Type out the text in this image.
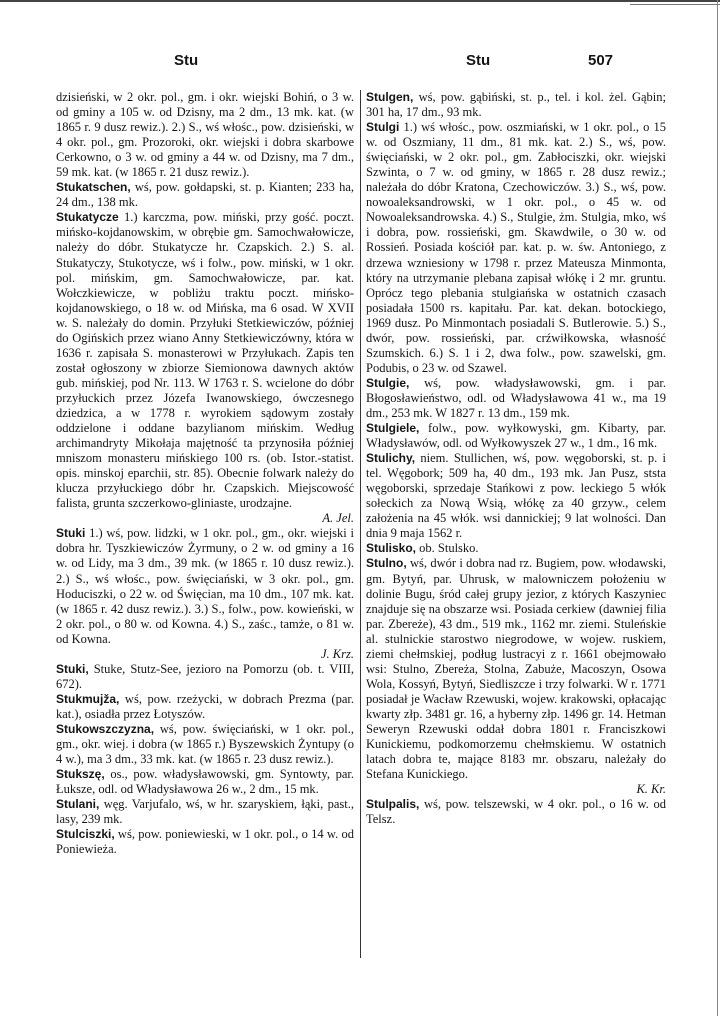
Stu	Stu	507

dzisieński, w 2 okr. pol., gm. i okr. wiejski Bohiń, o 3 w. od gminy a 105 w. od Dzisny, ma 2 dm., 13 mk. kat. (w 1865 r. 9 dusz rewiz.). 2.) S., wś włośc., pow. dzisieński, w 4 okr. pol., gm. Prozoroki, okr. wiejski i dobra skarbowe Cerkowno, o 3 w. od gminy a 44 w. od Dzisny, ma 7 dm., 59 mk. kat. (w 1865 r. 21 dusz rewiz.).

Stukatschen, wś, pow. gołdapski, st. p. Kianten; 233 ha, 24 dm., 138 mk.

Stukatycze 1.) karczma, pow. miński, przy gość. poczt. mińsko-kojdanowskim, w obrębie gm. Samochwałowicze, należy do dóbr. Stukatycze hr. Czapskich. 2.) S. al. Stukatyczy, Stukotycze, wś i folw., pow. miński, w 1 okr. pol. mińskim, gm. Samochwałowicze, par. kat. Wołczkiewicze, w pobliżu traktu poczt. mińsko-kojdanowskiego, o 18 w. od Mińska, ma 6 osad. W XVII w. S. należały do domin. Przyłuki Stetkiewiczów, później do Ogińskich przez wiano Anny Stetkiewiczówny, która w 1636 r. zapisała S. monasterowi w Przyłukach. Zapis ten został ogłoszony w zbiorze Siemionowa dawnych aktów gub. mińskiej, pod Nr. 113. W 1763 r. S. wcielone do dóbr przyłuckich przez Józefa Iwanowskiego, ówczesnego dziedzica, a w 1778 r. wyrokiem sądowym zostały oddzielone i oddane bazylianom mińskim. Według archimandryty Mikołaja majętność ta przynosiła później mniszom monasteru mińskiego 100 rs. (ob. Istor.-statist. opis. minskoj eparchii, str. 85). Obecnie folwark należy do klucza przyłuckiego dóbr hr. Czapskich. Miejscowość falista, grunta szczerkowo-gliniaste, urodzajne.
A. Jel.

Stuki 1.) wś, pow. lidzki, w 1 okr. pol., gm., okr. wiejski i dobra hr. Tyszkiewiczów Żyrmuny, o 2 w. od gminy a 16 w. od Lidy, ma 3 dm., 39 mk. (w 1865 r. 10 dusz rewiz.). 2.) S., wś włośc., pow. święciański, w 3 okr. pol., gm. Hoduciszki, o 22 w. od Święcian, ma 10 dm., 107 mk. kat. (w 1865 r. 42 dusz rewiz.). 3.) S., folw., pow. kowieński, w 2 okr. pol., o 80 w. od Kowna. 4.) S., zaśc., tamże, o 81 w. od Kowna.
J. Krz.

Stuki, Stuke, Stutz-See, jezioro na Pomorzu (ob. t. VIII, 672).

Stukmujža, wś, pow. rzeżycki, w dobrach Prezma (par. kat.), osiadła przez Łotyszów.

Stukowszczyzna, wś, pow. święciański, w 1 okr. pol., gm., okr. wiej. i dobra (w 1865 r.) Byszewskich Żyntupy (o 4 w.), ma 3 dm., 33 mk. kat. (w 1865 r. 23 dusz rewiz.).

Stukszę, os., pow. władysławowski, gm. Syntowty, par. Łuksze, odl. od Władysławowa 26 w., 2 dm., 15 mk.

Stulani, węg. Varjufalo, wś, w hr. szaryskiem, łąki, past., lasy, 239 mk.

Stulciszki, wś, pow. poniewieski, w 1 okr. pol., o 14 w. od Poniewieża.

Stulgen, wś, pow. gąbiński, st. p., tel. i kol. żel. Gąbin; 301 ha, 17 dm., 93 mk.

Stulgi 1.) wś włośc., pow. oszmiański, w 1 okr. pol., o 15 w. od Oszmiany, 11 dm., 81 mk. kat. 2.) S., wś, pow. święciański, w 2 okr. pol., gm. Zabłociszki, okr. wiejski Szwinta, o 7 w. od gminy, w 1865 r. 28 dusz rewiz.; należała do dóbr Kratona, Czechowiczów. 3.) S., wś, pow. nowoaleksandrowski, w 1 okr. pol., o 45 w. od Nowoaleksandrowska. 4.) S., Stulgie, żm. Stulgia, mko, wś i dobra, pow. rossieński, gm. Skawdwile, o 30 w. od Rossień. Posiada kościół par. kat. p. w. św. Antoniego, z drzewa wzniesiony w 1798 r. przez Mateusza Minmonta, który na utrzymanie plebana zapisał włókę i 2 mr. gruntu. Oprócz tego plebania stulgiańska w ostatnich czasach posiadała 1500 rs. kapitału. Par. kat. dekan. botockiego, 1969 dusz. Po Minmontach posiadali S. Butlerowie. 5.) S., dwór, pow. rossieński, par. crźwiłkowska, własność Szumskich. 6.) S. 1 i 2, dwa folw., pow. szawelski, gm. Podubis, o 23 w. od Szawel.

Stulgie, wś, pow. władysławowski, gm. i par. Błogosławieństwo, odl. od Władysławowa 41 w., ma 19 dm., 253 mk. W 1827 r. 13 dm., 159 mk.

Stulgiele, folw., pow. wyłkowyski, gm. Kibarty, par. Władysławów, odl. od Wyłkowyszek 27 w., 1 dm., 16 mk.

Stulichy, niem. Stullichen, wś, pow. węgoborski, st. p. i tel. Węgobork; 509 ha, 40 dm., 193 mk. Jan Pusz, ststa węgoborski, sprzedaje Stańkowi z pow. leckiego 5 włók sołeckich za Nową Wsią, włókę za 40 grzyw., celem założenia na 45 włók. wsi dannickiej; 9 lat wolności. Dan dnia 9 maja 1562 r.

Stulisko, ob. Stulsko.

Stulno, wś, dwór i dobra nad rz. Bugiem, pow. włodawski, gm. Bytyń, par. Uhrusk, w malowniczem położeniu w dolinie Bugu, śród całej grupy jezior, z których Kaszyniec znajduje się na obszarze wsi. Posiada cerkiew (dawniej filia par. Zbereże), 43 dm., 519 mk., 1162 mr. ziemi. Stuleńskie al. stulnickie starostwo niegrodowe, w wojew. ruskiem, ziemi chełmskiej, podług lustracyi z r. 1661 obejmowało wsi: Stulno, Zbereża, Stolna, Zabuże, Macoszyn, Osowa Wola, Kossyń, Bytyń, Siedliszcze i trzy folwarki. W r. 1771 posiadał je Wacław Rzewuski, wojew. krakowski, opłacając kwarty złp. 3481 gr. 16, a hyberny złp. 1496 gr. 14. Hetman Seweryn Rzewuski oddał dobra 1801 r. Franciszkowi Kunickiemu, podkomorzemu chełmskiemu. W ostatnich latach dobra te, mające 8183 mr. obszaru, należały do Stefana Kunickiego.
K. Kr.

Stulpalis, wś, pow. telszewski, w 4 okr. pol., o 16 w. od Telsz.
